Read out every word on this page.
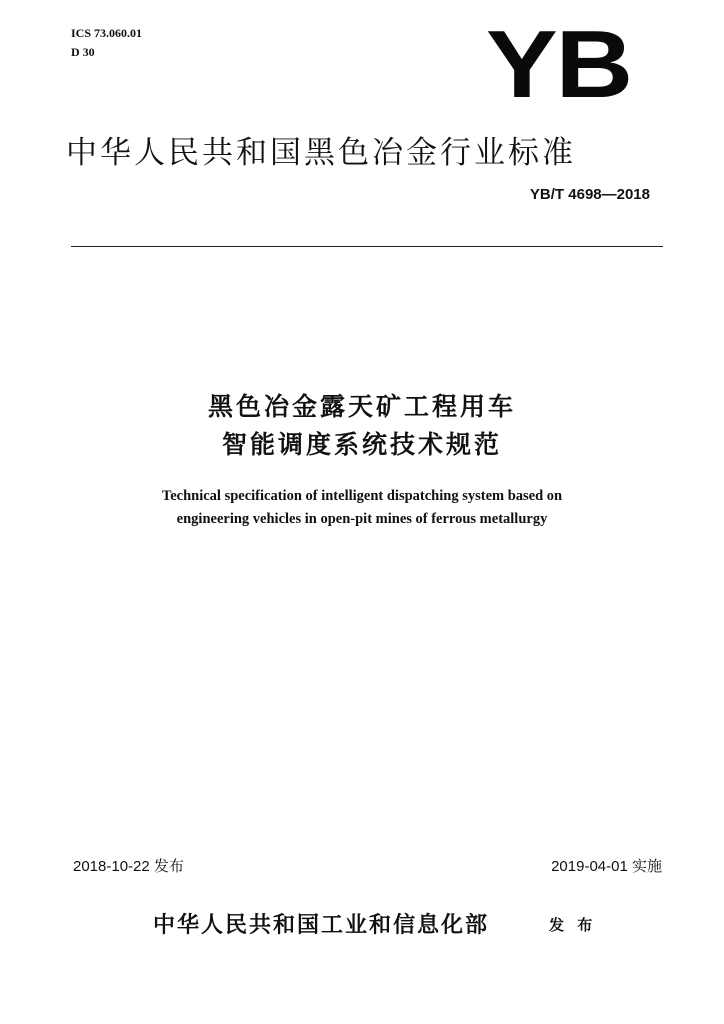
ICS 73.060.01
D 30	YB
中华人民共和国黑色冶金行业标准
YB/T 4698—2018
黑色冶金露天矿工程用车
智能调度系统技术规范
Technical specification of intelligent dispatching system based on
engineering vehicles in open-pit mines of ferrous metallurgy
2018-10-22 发布	2019-04-01 实施
中华人民共和国工业和信息化部	发 布
